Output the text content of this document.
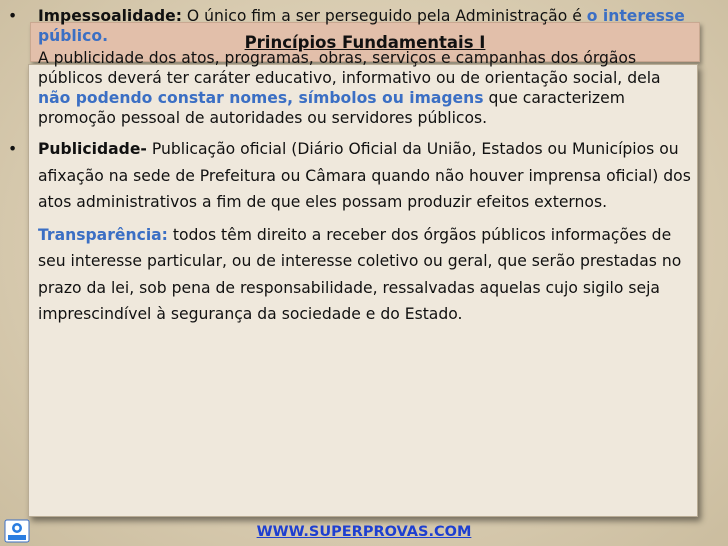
Princípios Fundamentais I
• Impessoalidade: O único fim a ser perseguido pela Administração é o interesse público.
A publicidade dos atos, programas, obras, serviços e campanhas dos órgãos públicos deverá ter caráter educativo, informativo ou de orientação social, dela não podendo constar nomes, símbolos ou imagens que caracterizem promoção pessoal de autoridades ou servidores públicos.
• Publicidade- Publicação oficial (Diário Oficial da União, Estados ou Municípios ou afixação na sede de Prefeitura ou Câmara quando não houver imprensa oficial) dos atos administrativos a fim de que eles possam produzir efeitos externos.
Transparência: todos têm direito a receber dos órgãos públicos informações de seu interesse particular, ou de interesse coletivo ou geral, que serão prestadas no prazo da lei, sob pena de responsabilidade, ressalvadas aquelas cujo sigilo seja imprescindível à segurança da sociedade e do Estado.
WWW.SUPERPROVAS.COM
